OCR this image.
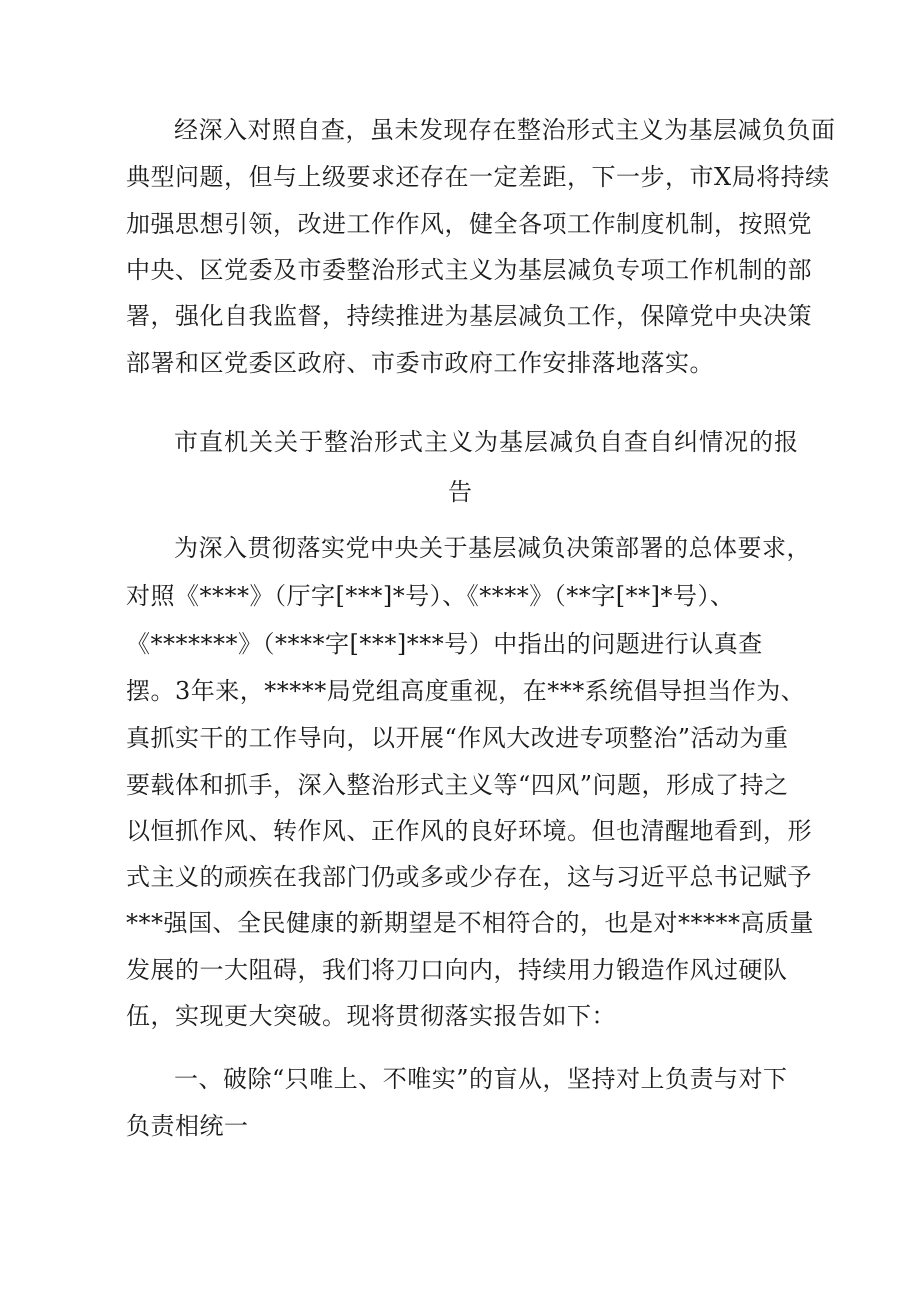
经深入对照自查，虽未发现存在整治形式主义为基层减负负面
典型问题，但与上级要求还存在一定差距，下一步，市X局将持续
加强思想引领，改进工作作风，健全各项工作制度机制，按照党
中央、区党委及市委整治形式主义为基层减负专项工作机制的部
署，强化自我监督，持续推进为基层减负工作，保障党中央决策
部署和区党委区政府、市委市政府工作安排落地落实。
市直机关关于整治形式主义为基层减负自查自纠情况的报
告
为深入贯彻落实党中央关于基层减负决策部署的总体要求，
对照《****》（厅字[***]*号）、《****》（**字[**]*号）、
《*******》（****字[***]***号）中指出的问题进行认真查
摆。3年来，*****局党组高度重视，在***系统倡导担当作为、
真抓实干的工作导向，以开展“作风大改进专项整治”活动为重
要载体和抓手，深入整治形式主义等“四风”问题，形成了持之
以恒抓作风、转作风、正作风的良好环境。但也清醒地看到，形
式主义的顽疾在我部门仍或多或少存在，这与习近平总书记赋予
***强国、全民健康的新期望是不相符合的，也是对*****高质量
发展的一大阻碍，我们将刀口向内，持续用力锻造作风过硬队
伍，实现更大突破。现将贯彻落实报告如下：
一、破除“只唯上、不唯实”的盲从，坚持对上负责与对下
负责相统一
